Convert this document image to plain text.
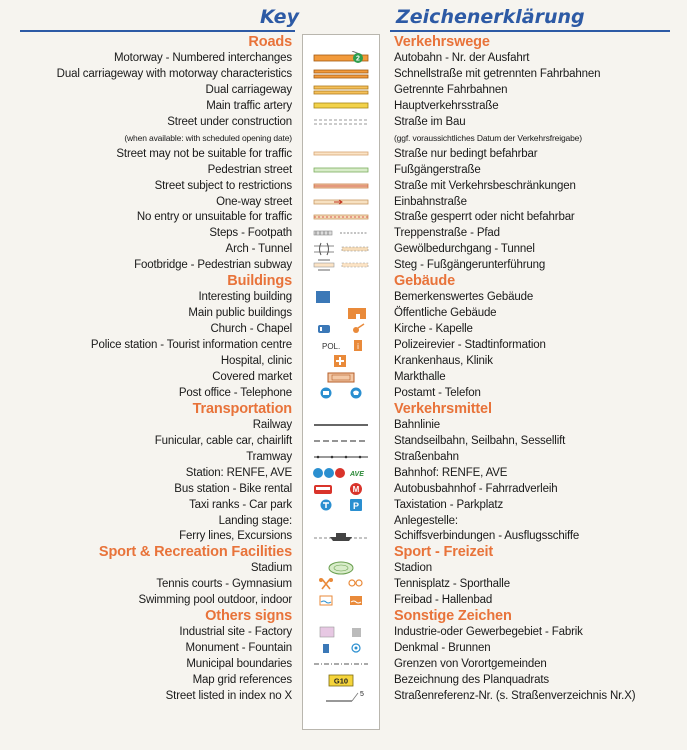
Key	Zeichenerklärung
Roads	Verkehrswege
Motorway - Numbered interchanges	Autobahn - Nr. der Ausfahrt
2
Dual carriageway with motorway characteristics	Schnellstraße mit getrennten Fahrbahnen
Dual carriageway	Getrennte Fahrbahnen
Main traffic artery	Hauptverkehrsstraße
Street under construction	Straße im Bau
(when available: with scheduled opening date)	(ggf. voraussichtliches Datum der Verkehrsfreigabe)
Street may not be suitable for traffic	Straße nur bedingt befahrbar
Pedestrian street	Fußgängerstraße
Street subject to restrictions	Straße mit Verkehrsbeschränkungen
One-way street	Einbahnstraße
No entry or unsuitable for traffic	Straße gesperrt oder nicht befahrbar
Steps - Footpath	Treppenstraße - Pfad
Arch - Tunnel	Gewölbedurchgang - Tunnel
Footbridge - Pedestrian subway	Steg - Fußgängerunterführung
Buildings	Gebäude
Interesting building	Bemerkenswertes Gebäude
Main public buildings	Öffentliche Gebäude
Church - Chapel	Kirche - Kapelle
Police station - Tourist information centre	Polizeirevier - Stadtinformation
POL. i
Hospital, clinic	Krankenhaus, Klinik
Covered market	Markthalle
Post office - Telephone	Postamt - Telefon
Transportation	Verkehrsmittel
Railway	Bahnlinie
Funicular, cable car, chairlift	Standseilbahn, Seilbahn, Sessellift
Tramway	Straßenbahn
Station: RENFE, AVE	Bahnhof: RENFE, AVE
AVE
Bus station - Bike rental	Autobusbahnhof - Fahrradverleih
M
Taxi ranks - Car park	Taxistation - Parkplatz
P
Landing stage:	Anlegestelle:
Ferry lines, Excursions	Schiffsverbindungen - Ausflugsschiffe
Sport & Recreation Facilities	Sport - Freizeit
Stadium	Stadion
Tennis courts - Gymnasium	Tennisplatz - Sporthalle
Swimming pool outdoor, indoor	Freibad - Hallenbad
Others signs	Sonstige Zeichen
Industrial site - Factory	Industrie-oder Gewerbegebiet - Fabrik
Monument - Fountain	Denkmal - Brunnen
Municipal boundaries	Grenzen von Vorortgemeinden
Map grid references	Bezeichnung des Planquadrats
G10
Street listed in index no X	Straßenreferenz-Nr. (s. Straßenverzeichnis Nr.X)
5
